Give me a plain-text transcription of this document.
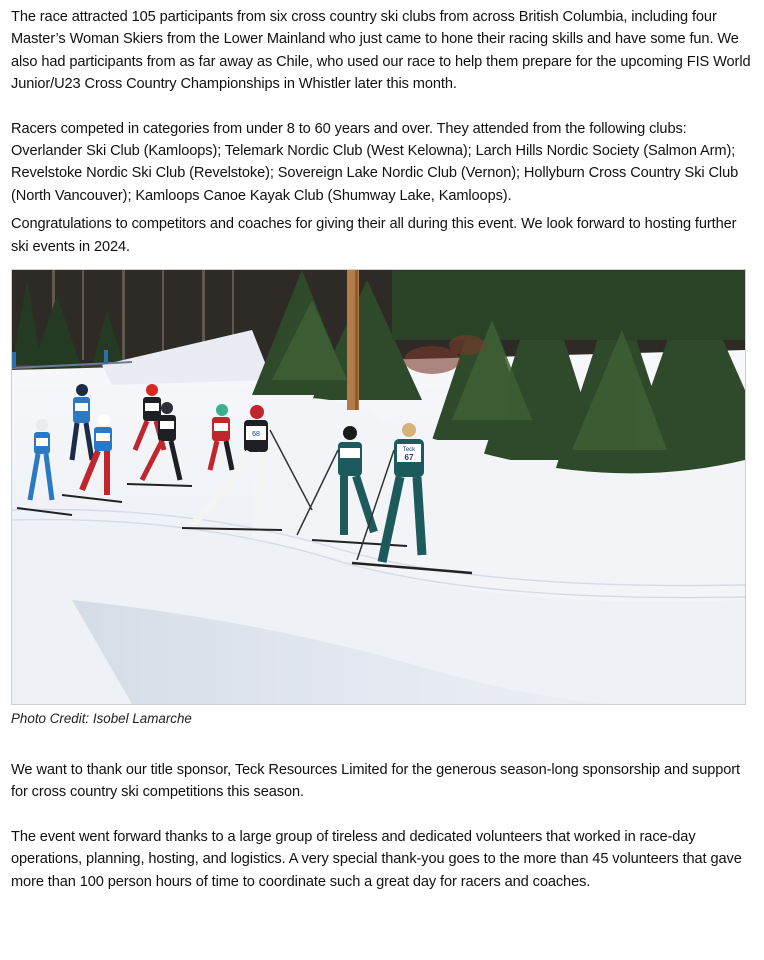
The race attracted 105 participants from six cross country ski clubs from across British Columbia, including four Master’s Woman Skiers from the Lower Mainland who just came to hone their racing skills and have some fun. We also had participants from as far away as Chile, who used our race to help them prepare for the upcoming FIS World Junior/U23 Cross Country Championships in Whistler later this month.

Racers competed in categories from under 8 to 60 years and over. They attended from the following clubs: Overlander Ski Club (Kamloops); Telemark Nordic Club (West Kelowna); Larch Hills Nordic Society (Salmon Arm); Revelstoke Nordic Ski Club (Revelstoke); Sovereign Lake Nordic Club (Vernon); Hollyburn Cross Country Ski Club (North Vancouver); Kamloops Canoe Kayak Club (Shumway Lake, Kamloops).

Congratulations to competitors and coaches for giving their all during this event. We look forward to hosting further ski events in 2024.

68
Teck
67
Photo Credit: Isobel Lamarche

We want to thank our title sponsor, Teck Resources Limited for the generous season-long sponsorship and support for cross country ski competitions this season.

The event went forward thanks to a large group of tireless and dedicated volunteers that worked in race-day operations, planning, hosting, and logistics. A very special thank-you goes to the more than 45 volunteers that gave more than 100 person hours of time to coordinate such a great day for racers and coaches.
